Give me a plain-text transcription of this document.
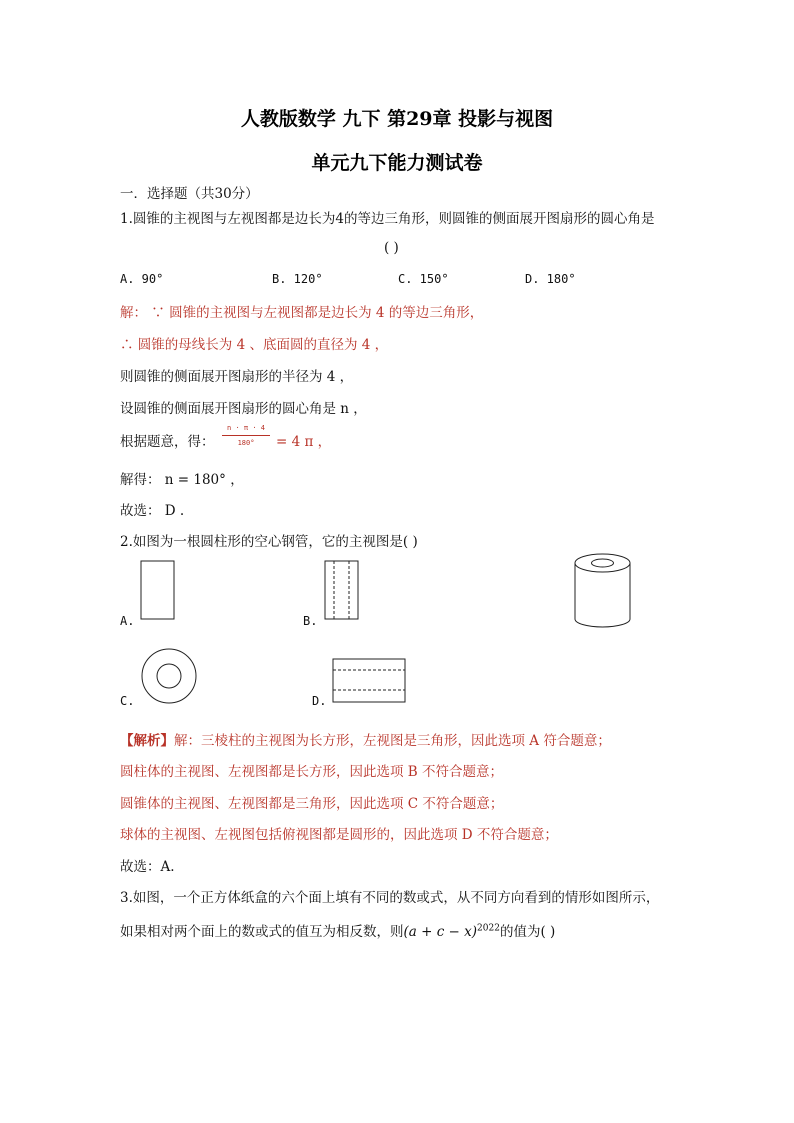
人教版数学 九下 第29章 投影与视图
单元九下能力测试卷
一．选择题（共30分）
1.圆锥的主视图与左视图都是边长为4的等边三角形，则圆锥的侧面展开图扇形的圆心角是
( )
A. 90°	B. 120°	C. 150°	D. 180°
解： ∵ 圆锥的主视图与左视图都是边长为 4 的等边三角形，
∴ 圆锥的母线长为 4 、底面圆的直径为 4 ，
则圆锥的侧面展开图扇形的半径为 4 ，
设圆锥的侧面展开图扇形的圆心角是 n ，
根据题意，得：
n · π · 4
180°	= 4 π ，
解得： n = 180° ，
故选： D .
2.如图为一根圆柱形的空心钢管，它的主视图是( )
A.	B.
C.	D.
【解析】解：三棱柱的主视图为长方形，左视图是三角形，因此选项 A 符合题意；
圆柱体的主视图、左视图都是长方形，因此选项 B 不符合题意；
圆锥体的主视图、左视图都是三角形，因此选项 C 不符合题意；
球体的主视图、左视图包括俯视图都是圆形的，因此选项 D 不符合题意；
故选：A.
3.如图，一个正方体纸盒的六个面上填有不同的数或式，从不同方向看到的情形如图所示，
如果相对两个面上的数或式的值互为相反数，则$(a + c - x)^{2022}$的值为( )
